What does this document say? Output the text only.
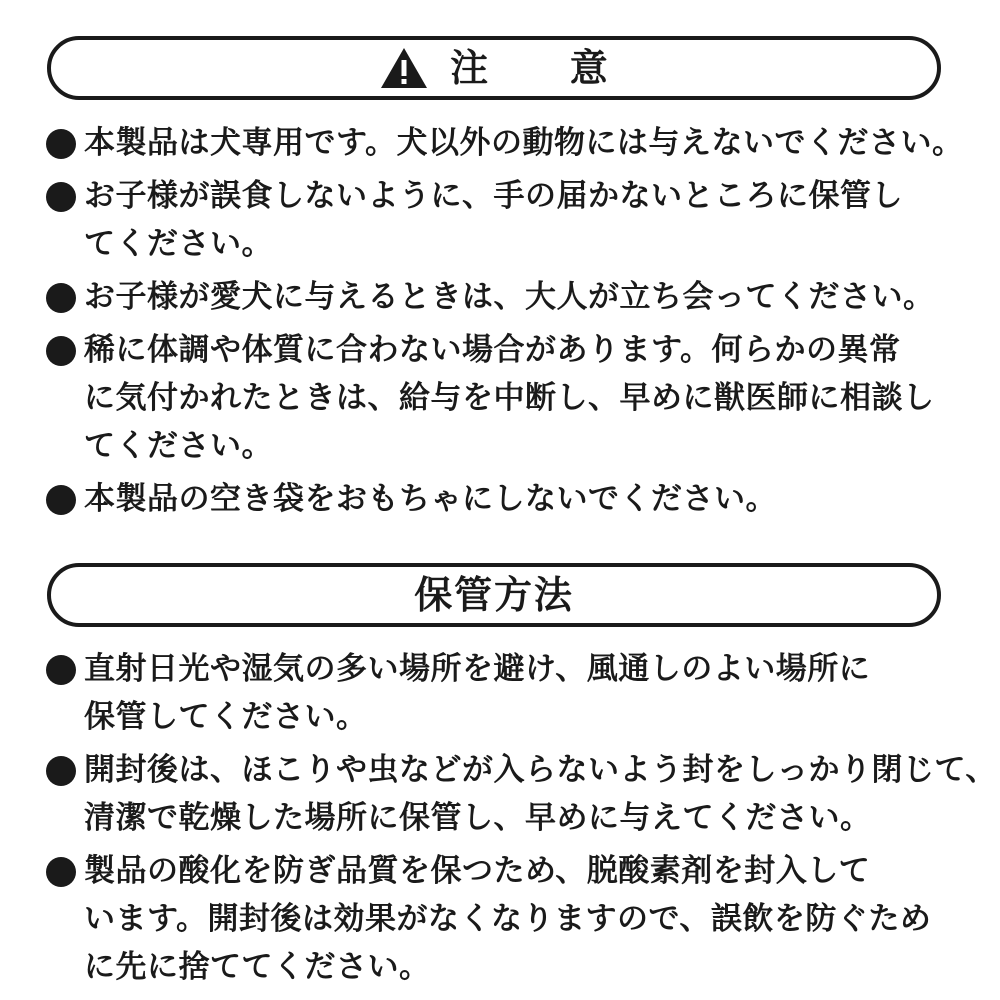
注 意
本製品は犬専用です。犬以外の動物には与えないでください。
お子様が誤食しないように、手の届かないところに保管し
てください。
お子様が愛犬に与えるときは、大人が立ち会ってください。
稀に体調や体質に合わない場合があります。何らかの異常
に気付かれたときは、給与を中断し、早めに獣医師に相談し
てください。
本製品の空き袋をおもちゃにしないでください。
保管方法
直射日光や湿気の多い場所を避け、風通しのよい場所に
保管してください。
開封後は、ほこりや虫などが入らないよう封をしっかり閉じて、
清潔で乾燥した場所に保管し、早めに与えてください。
製品の酸化を防ぎ品質を保つため、脱酸素剤を封入して
います。開封後は効果がなくなりますので、誤飲を防ぐため
に先に捨ててください。
